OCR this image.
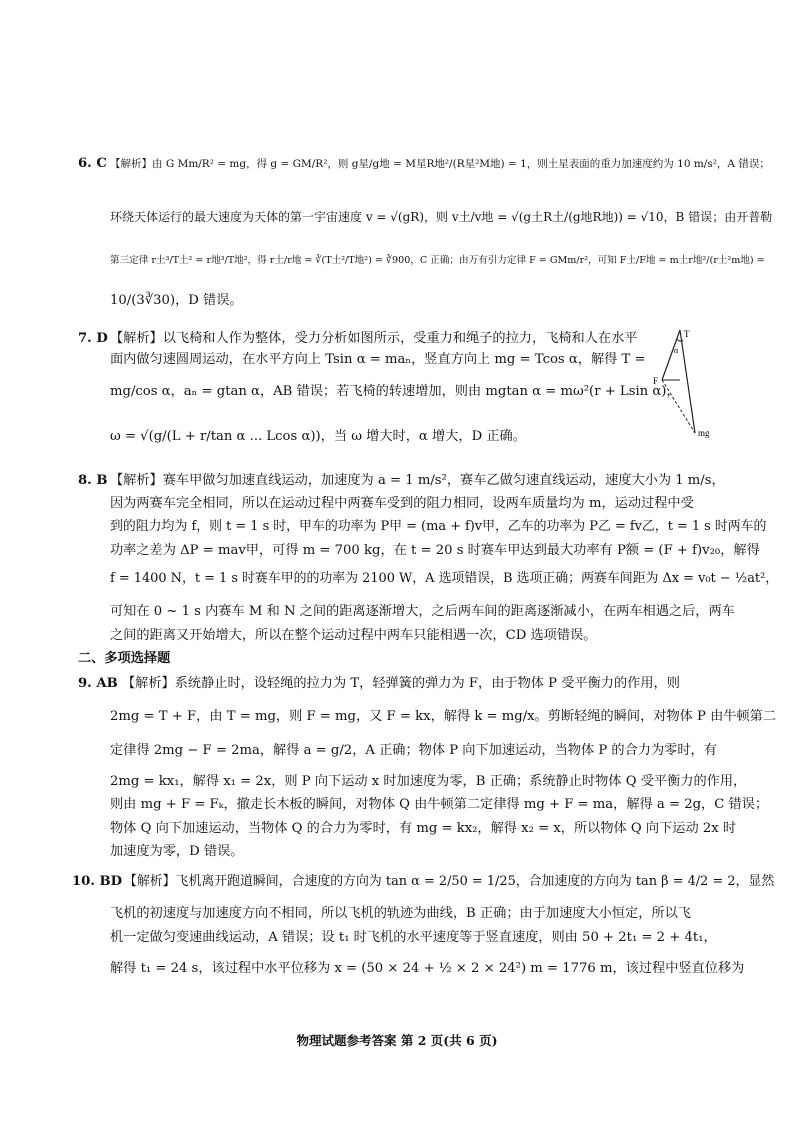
6. C 【解析】由 G Mm/R² = mg，得 g = GM/R²，则 g星/g地 = M星R地²/(R星²M地) = 1，则土星表面的重力加速度约为 10 m/s²，A 错误；
环绕天体运行的最大速度为天体的第一宇宙速度 v = √(gR)，则 v土/v地 = √(g土R土/(g地R地)) = √10，B 错误；由开普勒
第三定律 r土³/T土² = r地³/T地²，得 r土/r地 = ∛(T土²/T地²) = ∛900，C 正确；由万有引力定律 F = GMm/r²，可知 F土/F地 = m土r地²/(r土²m地) =
10/(3∛30)，D 错误。
7. D 【解析】以飞椅和人作为整体，受力分析如图所示，受重力和绳子的拉力，飞椅和人在水平
面内做匀速圆周运动，在水平方向上 Tsin α = maₙ，竖直方向上 mg = Tcos α，解得 T =
mg/cos α，aₙ = gtan α，AB 错误；若飞椅的转速增加，则由 mgtan α = mω²(r + Lsin α)，
ω = √(g/(L + r/tan α ... Lcos α))，当 ω 增大时，α 增大，D 正确。
T
α
F
mg
8. B 【解析】赛车甲做匀加速直线运动，加速度为 a = 1 m/s²，赛车乙做匀速直线运动，速度大小为 1 m/s，
因为两赛车完全相同，所以在运动过程中两赛车受到的阻力相同，设两车质量均为 m，运动过程中受
到的阻力均为 f，则 t = 1 s 时，甲车的功率为 P甲 = (ma + f)v甲，乙车的功率为 P乙 = fv乙，t = 1 s 时两车的
功率之差为 ΔP = mav甲，可得 m = 700 kg，在 t = 20 s 时赛车甲达到最大功率有 P额 = (F + f)v₂₀，解得
f = 1400 N，t = 1 s 时赛车甲的的功率为 2100 W，A 选项错误，B 选项正确；两赛车间距为 Δx = v₀t − ½at²，
可知在 0 ~ 1 s 内赛车 M 和 N 之间的距离逐渐增大，之后两车间的距离逐渐减小，在两车相遇之后，两车
之间的距离又开始增大，所以在整个运动过程中两车只能相遇一次，CD 选项错误。
二、多项选择题
9. AB 【解析】系统静止时，设轻绳的拉力为 T，轻弹簧的弹力为 F，由于物体 P 受平衡力的作用，则
2mg = T + F，由 T = mg，则 F = mg，又 F = kx，解得 k = mg/x。剪断轻绳的瞬间，对物体 P 由牛顿第二
定律得 2mg − F = 2ma，解得 a = g/2，A 正确；物体 P 向下加速运动，当物体 P 的合力为零时，有
2mg = kx₁，解得 x₁ = 2x，则 P 向下运动 x 时加速度为零，B 正确；系统静止时物体 Q 受平衡力的作用，
则由 mg + F = Fₖ，撤走长木板的瞬间，对物体 Q 由牛顿第二定律得 mg + F = ma，解得 a = 2g，C 错误；
物体 Q 向下加速运动，当物体 Q 的合力为零时，有 mg = kx₂，解得 x₂ = x，所以物体 Q 向下运动 2x 时
加速度为零，D 错误。
10. BD 【解析】飞机离开跑道瞬间，合速度的方向为 tan α = 2/50 = 1/25，合加速度的方向为 tan β = 4/2 = 2，显然
飞机的初速度与加速度方向不相同，所以飞机的轨迹为曲线，B 正确；由于加速度大小恒定，所以飞
机一定做匀变速曲线运动，A 错误；设 t₁ 时飞机的水平速度等于竖直速度，则由 50 + 2t₁ = 2 + 4t₁，
解得 t₁ = 24 s，该过程中水平位移为 x = (50 × 24 + ½ × 2 × 24²) m = 1776 m，该过程中竖直位移为
物理试题参考答案 第 2 页(共 6 页)
